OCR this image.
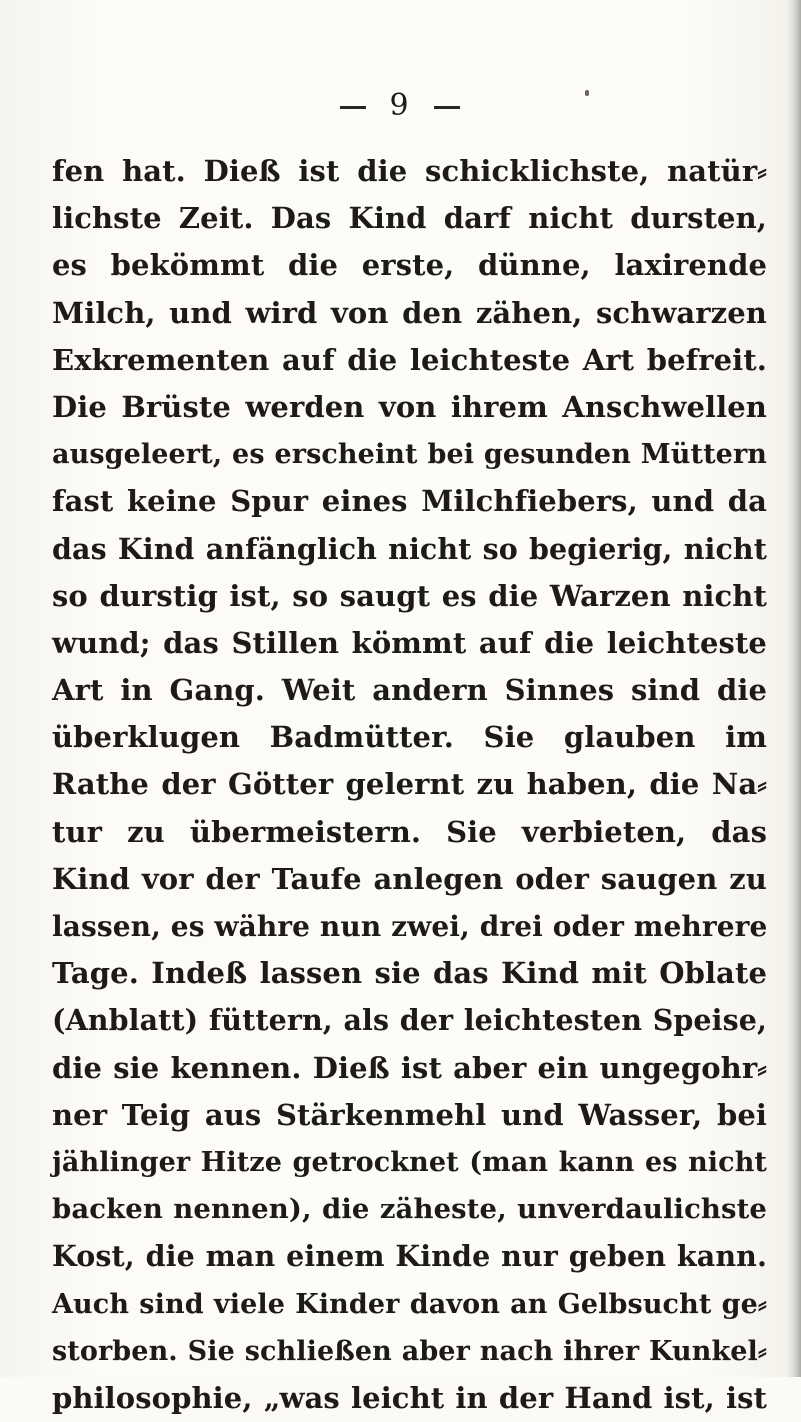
9
fen hat. Dieß ist die schicklichste, natür⸗
lichste Zeit. Das Kind darf nicht dursten,
es bekömmt die erste, dünne, laxirende
Milch, und wird von den zähen, schwarzen
Exkrementen auf die leichteste Art befreit.
Die Brüste werden von ihrem Anschwellen
ausgeleert, es erscheint bei gesunden Müttern
fast keine Spur eines Milchfiebers, und da
das Kind anfänglich nicht so begierig, nicht
so durstig ist, so saugt es die Warzen nicht
wund; das Stillen kömmt auf die leichteste
Art in Gang. Weit andern Sinnes sind die
überklugen Badmütter. Sie glauben im
Rathe der Götter gelernt zu haben, die Na⸗
tur zu übermeistern. Sie verbieten, das
Kind vor der Taufe anlegen oder saugen zu
lassen, es währe nun zwei, drei oder mehrere
Tage. Indeß lassen sie das Kind mit Oblate
(Anblatt) füttern, als der leichtesten Speise,
die sie kennen. Dieß ist aber ein ungegohr⸗
ner Teig aus Stärkenmehl und Wasser, bei
jählinger Hitze getrocknet (man kann es nicht
backen nennen), die zäheste, unverdaulichste
Kost, die man einem Kinde nur geben kann.
Auch sind viele Kinder davon an Gelbsucht ge⸗
storben. Sie schließen aber nach ihrer Kunkel⸗
philosophie, „was leicht in der Hand ist, ist
